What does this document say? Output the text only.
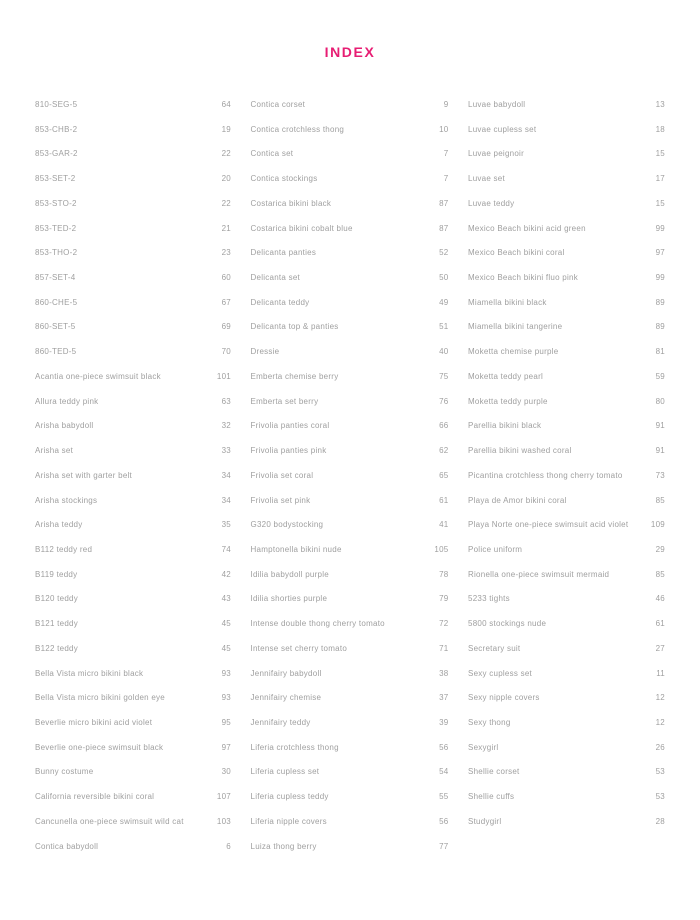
INDEX
810-SEG-5	64
853-CHB-2	19
853-GAR-2	22
853-SET-2	20
853-STO-2	22
853-TED-2	21
853-THO-2	23
857-SET-4	60
860-CHE-5	67
860-SET-5	69
860-TED-5	70
Acantia one-piece swimsuit black	101
Allura teddy pink	63
Arisha babydoll	32
Arisha set	33
Arisha set with garter belt	34
Arisha stockings	34
Arisha teddy	35
B112 teddy red	74
B119 teddy	42
B120 teddy	43
B121 teddy	45
B122 teddy	45
Bella Vista micro bikini black	93
Bella Vista micro bikini golden eye	93
Beverlie micro bikini acid violet	95
Beverlie one-piece swimsuit black	97
Bunny costume	30
California reversible bikini coral	107
Cancunella one-piece swimsuit wild cat	103
Contica babydoll	6
Contica corset	9
Contica crotchless thong	10
Contica set	7
Contica stockings	7
Costarica bikini black	87
Costarica bikini cobalt blue	87
Delicanta panties	52
Delicanta set	50
Delicanta teddy	49
Delicanta top & panties	51
Dressie	40
Emberta chemise berry	75
Emberta set berry	76
Frivolia panties coral	66
Frivolia panties pink	62
Frivolia set coral	65
Frivolia set pink	61
G320 bodystocking	41
Hamptonella bikini nude	105
Idilia babydoll purple	78
Idilia shorties purple	79
Intense double thong cherry tomato	72
Intense set cherry tomato	71
Jennifairy babydoll	38
Jennifairy chemise	37
Jennifairy teddy	39
Liferia crotchless thong	56
Liferia cupless set	54
Liferia cupless teddy	55
Liferia nipple covers	56
Luiza thong berry	77
Luvae babydoll	13
Luvae cupless set	18
Luvae peignoir	15
Luvae set	17
Luvae teddy	15
Mexico Beach bikini acid green	99
Mexico Beach bikini coral	97
Mexico Beach bikini fluo pink	99
Miamella bikini black	89
Miamella bikini tangerine	89
Moketta chemise purple	81
Moketta teddy pearl	59
Moketta teddy purple	80
Parellia bikini black	91
Parellia bikini washed coral	91
Picantina crotchless thong cherry tomato	73
Playa de Amor bikini coral	85
Playa Norte one-piece swimsuit acid violet	109
Police uniform	29
Rionella one-piece swimsuit mermaid	85
5233 tights	46
5800 stockings nude	61
Secretary suit	27
Sexy cupless set	11
Sexy nipple covers	12
Sexy thong	12
Sexygirl	26
Shellie corset	53
Shellie cuffs	53
Studygirl	28
